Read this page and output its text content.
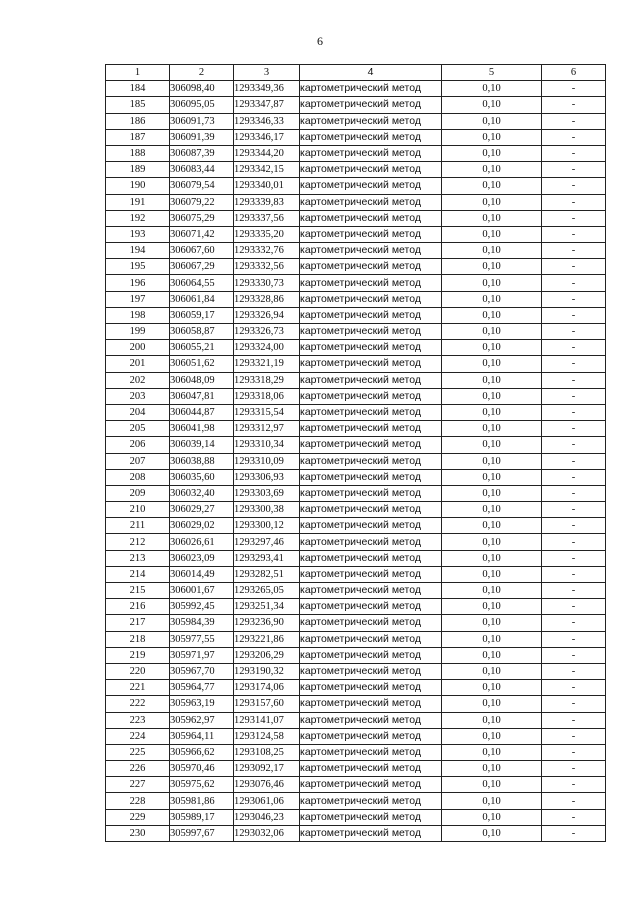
6
1	2	3	4	5	6
184	306098,40	1293349,36	картометрический метод	0,10	-
185	306095,05	1293347,87	картометрический метод	0,10	-
186	306091,73	1293346,33	картометрический метод	0,10	-
187	306091,39	1293346,17	картометрический метод	0,10	-
188	306087,39	1293344,20	картометрический метод	0,10	-
189	306083,44	1293342,15	картометрический метод	0,10	-
190	306079,54	1293340,01	картометрический метод	0,10	-
191	306079,22	1293339,83	картометрический метод	0,10	-
192	306075,29	1293337,56	картометрический метод	0,10	-
193	306071,42	1293335,20	картометрический метод	0,10	-
194	306067,60	1293332,76	картометрический метод	0,10	-
195	306067,29	1293332,56	картометрический метод	0,10	-
196	306064,55	1293330,73	картометрический метод	0,10	-
197	306061,84	1293328,86	картометрический метод	0,10	-
198	306059,17	1293326,94	картометрический метод	0,10	-
199	306058,87	1293326,73	картометрический метод	0,10	-
200	306055,21	1293324,00	картометрический метод	0,10	-
201	306051,62	1293321,19	картометрический метод	0,10	-
202	306048,09	1293318,29	картометрический метод	0,10	-
203	306047,81	1293318,06	картометрический метод	0,10	-
204	306044,87	1293315,54	картометрический метод	0,10	-
205	306041,98	1293312,97	картометрический метод	0,10	-
206	306039,14	1293310,34	картометрический метод	0,10	-
207	306038,88	1293310,09	картометрический метод	0,10	-
208	306035,60	1293306,93	картометрический метод	0,10	-
209	306032,40	1293303,69	картометрический метод	0,10	-
210	306029,27	1293300,38	картометрический метод	0,10	-
211	306029,02	1293300,12	картометрический метод	0,10	-
212	306026,61	1293297,46	картометрический метод	0,10	-
213	306023,09	1293293,41	картометрический метод	0,10	-
214	306014,49	1293282,51	картометрический метод	0,10	-
215	306001,67	1293265,05	картометрический метод	0,10	-
216	305992,45	1293251,34	картометрический метод	0,10	-
217	305984,39	1293236,90	картометрический метод	0,10	-
218	305977,55	1293221,86	картометрический метод	0,10	-
219	305971,97	1293206,29	картометрический метод	0,10	-
220	305967,70	1293190,32	картометрический метод	0,10	-
221	305964,77	1293174,06	картометрический метод	0,10	-
222	305963,19	1293157,60	картометрический метод	0,10	-
223	305962,97	1293141,07	картометрический метод	0,10	-
224	305964,11	1293124,58	картометрический метод	0,10	-
225	305966,62	1293108,25	картометрический метод	0,10	-
226	305970,46	1293092,17	картометрический метод	0,10	-
227	305975,62	1293076,46	картометрический метод	0,10	-
228	305981,86	1293061,06	картометрический метод	0,10	-
229	305989,17	1293046,23	картометрический метод	0,10	-
230	305997,67	1293032,06	картометрический метод	0,10	-
